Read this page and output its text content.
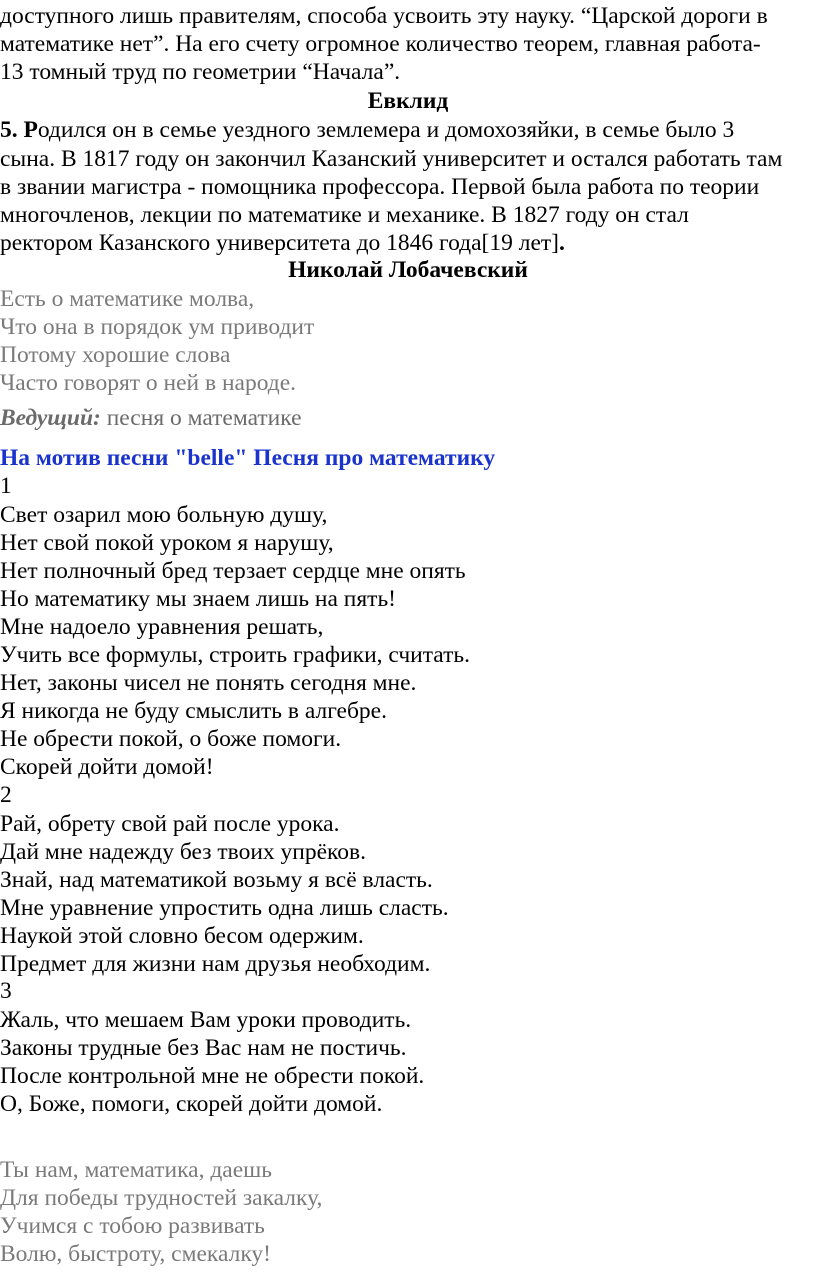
доступного лишь правителям, способа усвоить эту науку. “Царской дороги в
математике нет”. На его счету огромное количество теорем, главная работа-
13 томный труд по геометрии “Начала”.
Евклид
5. Родился он в семье уездного землемера и домохозяйки, в семье было 3
сына. В 1817 году он закончил Казанский университет и остался работать там
в звании магистра - помощника профессора. Первой была работа по теории
многочленов, лекции по математике и механике. В 1827 году он стал
ректором Казанского университета до 1846 года[19 лет].
Николай Лобачевский
Есть о математике молва,
Что она в порядок ум приводит
Потому хорошие слова
Часто говорят о ней в народе.
Ведущий: песня о математике
На мотив песни "belle" Песня про математику
1
Свет озарил мою больную душу,
Нет свой покой уроком я нарушу,
Нет полночный бред терзает сердце мне опять
Но математику мы знаем лишь на пять!
Мне надоело уравнения решать,
Учить все формулы, строить графики, считать.
Нет, законы чисел не понять сегодня мне.
Я никогда не буду смыслить в алгебре.
Не обрести покой, о боже помоги.
Скорей дойти домой!
2
Рай, обрету свой рай после урока.
Дай мне надежду без твоих упрёков.
Знай, над математикой возьму я всё власть.
Мне уравнение упростить одна лишь сласть.
Наукой этой словно бесом одержим.
Предмет для жизни нам друзья необходим.
3
Жаль, что мешаем Вам уроки проводить.
Законы трудные без Вас нам не постичь.
После контрольной мне не обрести покой.
О, Боже, помоги, скорей дойти домой.
Ты нам, математика, даешь
Для победы трудностей закалку,
Учимся с тобою развивать
Волю, быстроту, смекалку!
